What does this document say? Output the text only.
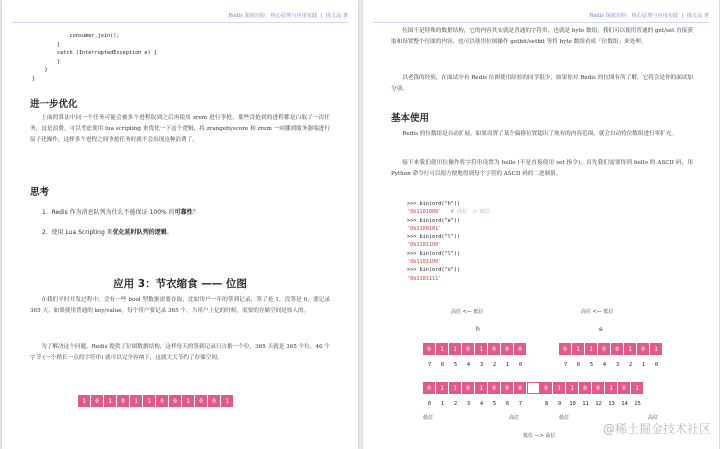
Redis 深度历险：核心原理与应用实践 | 钱文品 著
consumer.join();
}
catch (InterruptedException e) {
}
}
}
进一步优化
上面的算法中同一个任务可能会被多个进程取到之后再使用 zrem 进行争抢，那些没抢到的进程都是白取了一次任务，这是浪费。可以考虑使用 lua scripting 来优化一下这个逻辑，将 zrangebyscore 和 zrem 一同挪到服务器端进行原子化操作，这样多个进程之间争抢任务时就不会出现这种浪费了。
思考
1. Redis 作为消息队列为什么不能保证 100% 的可靠性？
2. 使用 Lua Scripting 来优化延时队列的逻辑。
应用 3：节衣缩食 —— 位图
在我们平时开发过程中，会有一些 bool 型数据需要存取，比如用户一年的签到记录，签了是 1，没签是 0，要记录 365 天。如果使用普通的 key/value，每个用户要记录 365 个，当用户上亿的时候，需要的存储空间是惊人的。
为了解决这个问题，Redis 提供了位图数据结构，这样每天的签到记录只占据一个位，365 天就是 365 个位，46 个字节 (一个稍长一点的字符串) 就可以完全容纳下，这就大大节约了存储空间。
1	0	1	0	1	1	0	0	1	0	0	1
Redis 深度历险：核心原理与应用实践 | 钱文品 著
位图不是特殊的数据结构，它的内容其实就是普通的字符串，也就是 byte 数组。我们可以使用普通的 get/set 直接获取和设置整个位图的内容，也可以使用位图操作 getbit/setbit 等将 byte 数组看成「位数组」来处理。
以老钱的经验，在面试中有 Redis 位图使用经验的同学很少，如果你对 Redis 的位图有所了解，它将会是你的面试加分项。
基本使用
Redis 的位数组是自动扩展，如果设置了某个偏移位置超出了现有的内容范围，就会自动将位数组进行零扩充。
接下来我们使用位操作将字符串设置为 hello (不是直接使用 set 指令)，首先我们需要得到 hello 的 ASCII 码，用 Python 命令行可以很方便地得到每个字符的 ASCII 码的二进制值。
>>> bin(ord("h"))
'0b1101000' # 高位 -> 低位
>>> bin(ord("e"))
'0b1100101'
>>> bin(ord("l"))
'0b1101100'
>>> bin(ord("l"))
'0b1101100'
>>> bin(ord("o"))
'0b1101111'
高位 <— 低位	高位 <— 低位
h	e
0	1	1	0	1	0	0	0	0	1	1	0	0	1	0	1
7	6	5	4	3	2	1	0	7	6	5	4	3	2	1	0
0	1	1	0	1	0	0	0	0	1	1	0	0	1	0	1
0	1	2	3	4	5	6	7	8	9	10	11	12	13	14	15
低位	高位	低位	高位
低位 —> 高位	@稀土掘金技术社区
